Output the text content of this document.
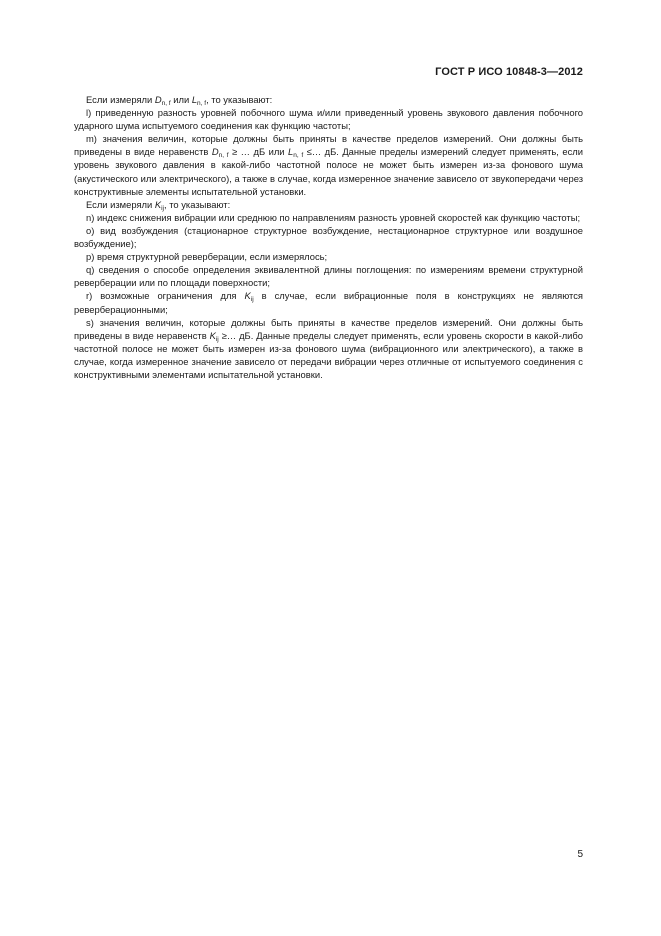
ГОСТ Р ИСО 10848-3—2012

Если измеряли $D_{n, f}$ или $L_{n, f}$, то указывают:

l) приведенную разность уровней побочного шума и/или приведенный уровень звукового давления побочного ударного шума испытуемого соединения как функцию частоты;

m) значения величин, которые должны быть приняты в качестве пределов измерений. Они должны быть приведены в виде неравенств $D_{n, f}$ ≥ … дБ или $L_{n, f}$ ≤… дБ. Данные пределы измерений следует применять, если уровень звукового давления в какой-либо частотной полосе не может быть измерен из-за фонового шума (акустического или электрического), а также в случае, когда измеренное значение зависело от звукопередачи через конструктивные элементы испытательной установки.

Если измеряли $K_{ij}$, то указывают:

n) индекс снижения вибрации или среднюю по направлениям разность уровней скоростей как функцию частоты;

o) вид возбуждения (стационарное структурное возбуждение, нестационарное структурное или воздушное возбуждение);

p) время структурной реверберации, если измерялось;

q) сведения о способе определения эквивалентной длины поглощения: по измерениям времени структурной реверберации или по площади поверхности;

r) возможные ограничения для $K_{ij}$ в случае, если вибрационные поля в конструкциях не являются реверберационными;

s) значения величин, которые должны быть приняты в качестве пределов измерений. Они должны быть приведены в виде неравенств $K_{ij}$ ≥… дБ. Данные пределы следует применять, если уровень скорости в какой-либо частотной полосе не может быть измерен из-за фонового шума (вибрационного или электрического), а также в случае, когда измеренное значение зависело от передачи вибрации через отличные от испытуемого соединения с конструктивными элементами испытательной установки.

5
